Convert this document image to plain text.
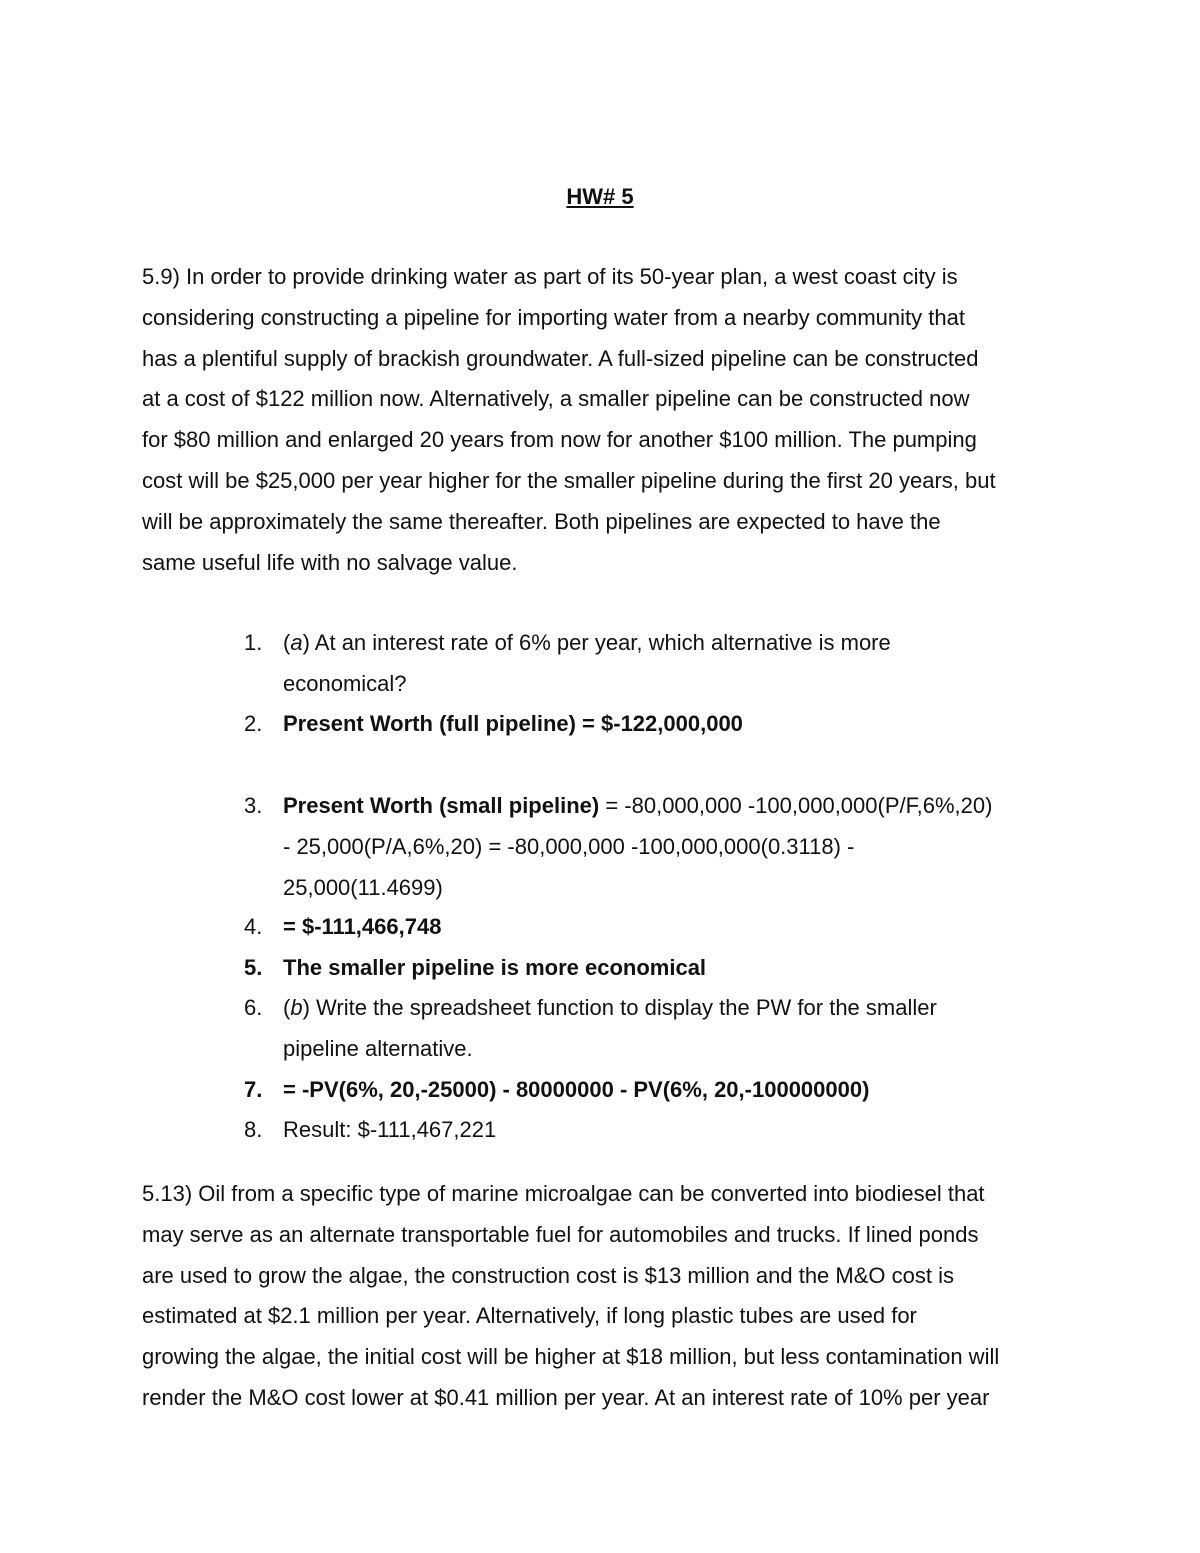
HW# 5
5.9) In order to provide drinking water as part of its 50-year plan, a west coast city is
considering constructing a pipeline for importing water from a nearby community that
has a plentiful supply of brackish groundwater. A full-sized pipeline can be constructed
at a cost of $122 million now. Alternatively, a smaller pipeline can be constructed now
for $80 million and enlarged 20 years from now for another $100 million. The pumping
cost will be $25,000 per year higher for the smaller pipeline during the first 20 years, but
will be approximately the same thereafter. Both pipelines are expected to have the
same useful life with no salvage value.
1. (a) At an interest rate of 6% per year, which alternative is more
economical?
2. Present Worth (full pipeline) = $-122,000,000
3. Present Worth (small pipeline) = -80,000,000 -100,000,000(P/F,6%,20)
- 25,000(P/A,6%,20) = -80,000,000 -100,000,000(0.3118) -
25,000(11.4699)
4. = $-111,466,748
5. The smaller pipeline is more economical
6. (b) Write the spreadsheet function to display the PW for the smaller
pipeline alternative.
7. = -PV(6%, 20,-25000) - 80000000 - PV(6%, 20,-100000000)
8. Result: $-111,467,221
5.13) Oil from a specific type of marine microalgae can be converted into biodiesel that
may serve as an alternate transportable fuel for automobiles and trucks. If lined ponds
are used to grow the algae, the construction cost is $13 million and the M&O cost is
estimated at $2.1 million per year. Alternatively, if long plastic tubes are used for
growing the algae, the initial cost will be higher at $18 million, but less contamination will
render the M&O cost lower at $0.41 million per year. At an interest rate of 10% per year
